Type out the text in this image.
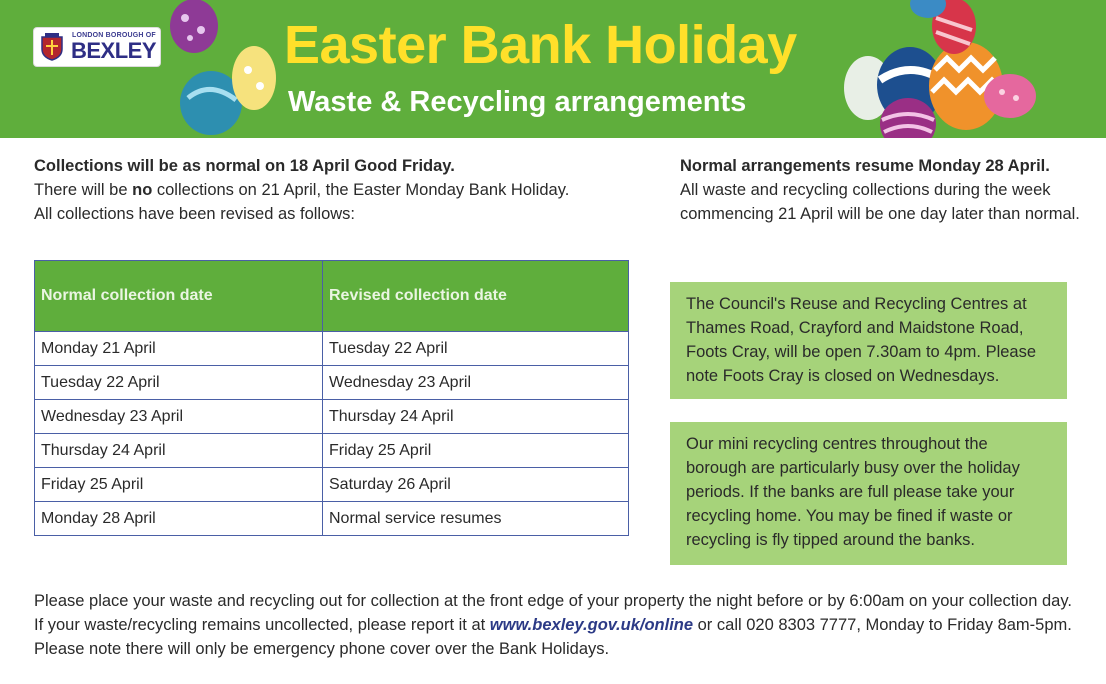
LONDON BOROUGH OF
BEXLEY Easter Bank Holiday
Waste & Recycling arrangements

Collections will be as normal on 18 April Good Friday.

There will be no collections on 21 April, the Easter Monday Bank Holiday.

All collections have been revised as follows:

Normal arrangements resume Monday 28 April.

All waste and recycling collections during the week commencing 21 April will be one day later than normal.

Normal collection date	Revised collection date
Monday 21 April	Tuesday 22 April
Tuesday 22 April	Wednesday 23 April
Wednesday 23 April	Thursday 24 April
Thursday 24 April	Friday 25 April
Friday 25 April	Saturday 26 April
Monday 28 April	Normal service resumes
The Council's Reuse and Recycling Centres at Thames Road, Crayford and Maidstone Road, Foots Cray, will be open 7.30am to 4pm. Please note Foots Cray is closed on Wednesdays.
Our mini recycling centres throughout the borough are particularly busy over the holiday periods. If the banks are full please take your recycling home. You may be fined if waste or recycling is fly tipped around the banks.

Please place your waste and recycling out for collection at the front edge of your property the night before or by 6:00am on your collection day. If your waste/recycling remains uncollected, please report it at www.bexley.gov.uk/online or call 020 8303 7777, Monday to Friday 8am-5pm. Please note there will only be emergency phone cover over the Bank Holidays.
